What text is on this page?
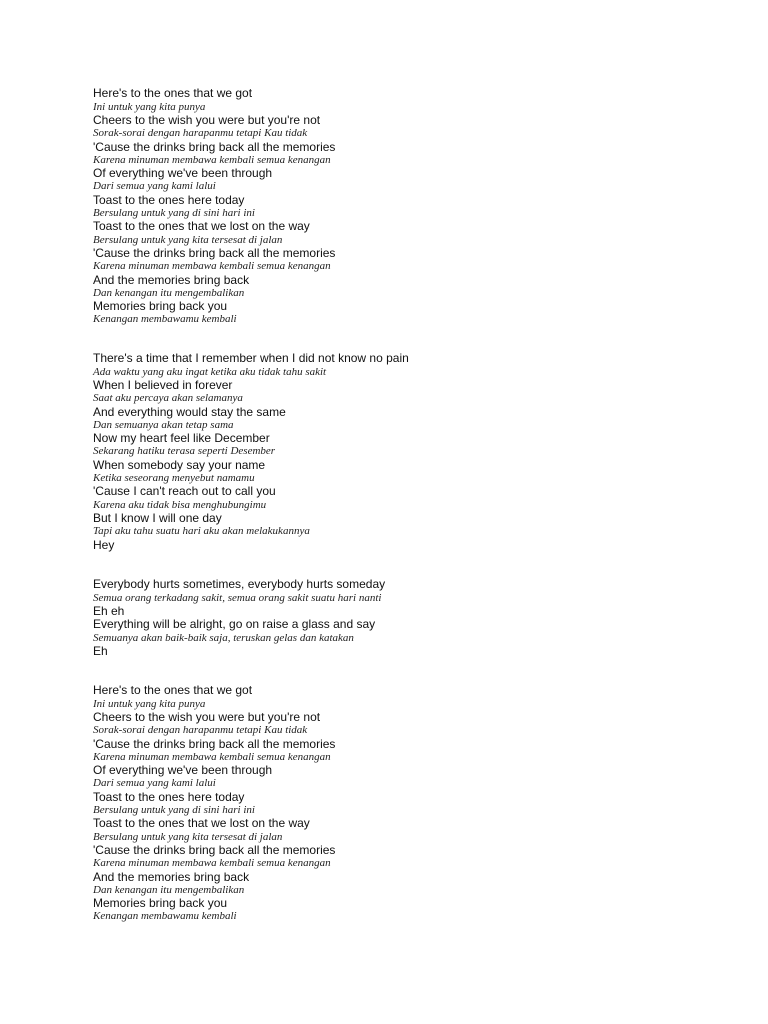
Here's to the ones that we got
Ini untuk yang kita punya
Cheers to the wish you were but you're not
Sorak-sorai dengan harapanmu tetapi Kau tidak
'Cause the drinks bring back all the memories
Karena minuman membawa kembali semua kenangan
Of everything we've been through
Dari semua yang kami lalui
Toast to the ones here today
Bersulang untuk yang di sini hari ini
Toast to the ones that we lost on the way
Bersulang untuk yang kita tersesat di jalan
'Cause the drinks bring back all the memories
Karena minuman membawa kembali semua kenangan
And the memories bring back
Dan kenangan itu mengembalikan
Memories bring back you
Kenangan membawamu kembali
There's a time that I remember when I did not know no pain
Ada waktu yang aku ingat ketika aku tidak tahu sakit
When I believed in forever
Saat aku percaya akan selamanya
And everything would stay the same
Dan semuanya akan tetap sama
Now my heart feel like December
Sekarang hatiku terasa seperti Desember
When somebody say your name
Ketika seseorang menyebut namamu
'Cause I can't reach out to call you
Karena aku tidak bisa menghubungimu
But I know I will one day
Tapi aku tahu suatu hari aku akan melakukannya
Hey
Everybody hurts sometimes, everybody hurts someday
Semua orang terkadang sakit, semua orang sakit suatu hari nanti
Eh eh
Everything will be alright, go on raise a glass and say
Semuanya akan baik-baik saja, teruskan gelas dan katakan
Eh
Here's to the ones that we got
Ini untuk yang kita punya
Cheers to the wish you were but you're not
Sorak-sorai dengan harapanmu tetapi Kau tidak
'Cause the drinks bring back all the memories
Karena minuman membawa kembali semua kenangan
Of everything we've been through
Dari semua yang kami lalui
Toast to the ones here today
Bersulang untuk yang di sini hari ini
Toast to the ones that we lost on the way
Bersulang untuk yang kita tersesat di jalan
'Cause the drinks bring back all the memories
Karena minuman membawa kembali semua kenangan
And the memories bring back
Dan kenangan itu mengembalikan
Memories bring back you
Kenangan membawamu kembali
